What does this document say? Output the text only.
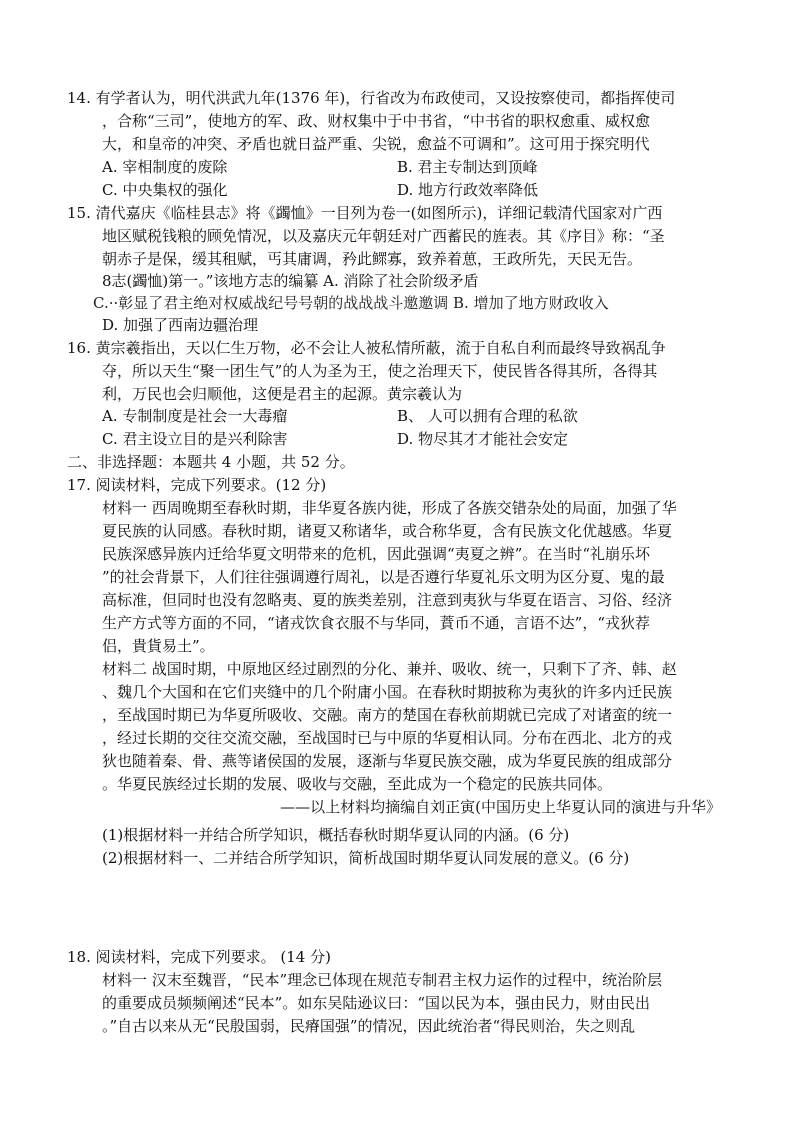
14. 有学者认为，明代洪武九年(1376 年)，行省改为布政使司，又设按察使司，都指挥使司
，合称“三司”，使地方的军、政、财权集中于中书省，“中书省的职权愈重、威权愈
大，和皇帝的冲突、矛盾也就日益严重、尖锐，愈益不可调和”。这可用于探究明代
A. 宰相制度的废除	B. 君主专制达到顶峰
C. 中央集权的强化	D. 地方行政效率降低
15. 清代嘉庆《临桂县志》将《蠲恤》一目列为卷一(如图所示)，详细记载清代国家对广西
地区赋税钱粮的顾免情况，以及嘉庆元年朝廷对广西蓄民的旌表。其《序目》称：“圣
朝赤子是保，缓其租赋，丐其庸调，矜此鳏寡，致养着葸，王政所先，天民无告。
8志(蠲恤)第一。”该地方志的编纂 A. 消除了社会阶级矛盾
C.··彰显了君主绝对权威战纪号号朝的战战战斗邀邀调 B. 增加了地方财政收入
D. 加强了西南边疆治理
16. 黄宗羲指出，天以仁生万物，必不会让人被私情所蔽，流于自私自利而最终导致祸乱争
夺，所以天生“聚一团生气”的人为圣为王，使之治理天下，使民皆各得其所，各得其
利，万民也会归顺他，这便是君主的起源。黄宗羲认为
A. 专制制度是社会一大毒瘤	B、 人可以拥有合理的私欲
C. 君主设立目的是兴利除害	D. 物尽其才才能社会安定
二、非选择题：本题共 4 小题，共 52 分。
17. 阅读材料，完成下列要求。(12 分)
材料一 西周晚期至春秋时期，非华夏各族内徙，形成了各族交错杂处的局面，加强了华
夏民族的认同感。春秋时期，诸夏又称诸华，或合称华夏，含有民族文化优越感。华夏
民族深感异族内迁给华夏文明带来的危机，因此强调“夷夏之辨”。在当时“礼崩乐坏
”的社会背景下，人们往往强调遵行周礼，以是否遵行华夏礼乐文明为区分夏、鬼的最
高标准，但同时也没有忽略夷、夏的族类差别，注意到夷狄与华夏在语言、习俗、经济
生产方式等方面的不同，“诸戎饮食衣服不与华同，蕡币不通，言语不达”，“戎狄荐
侣，貴貨易土”。
材料二 战国时期，中原地区经过剧烈的分化、兼并、吸收、统一，只剩下了齐、韩、赵
、魏几个大国和在它们夹缝中的几个附庸小国。在春秋时期披称为夷狄的许多内迁民族
，至战国时期已为华夏所吸收、交融。南方的楚国在春秋前期就已完成了对诸蛮的统一
，经过长期的交往交流交融，至战国时已与中原的华夏相认同。分布在西北、北方的戎
狄也随着秦、骨、燕等诸侯国的发展，逐渐与华夏民族交融，成为华夏民族的组成部分
。华夏民族经过长期的发展、吸收与交融，至此成为一个稳定的民族共同体。
——以上材料均摘编自刘正寅(中国历史上华夏认同的演进与升华》
(1)根据材料一并结合所学知识，概括春秋时期华夏认同的内涵。(6 分)
(2)根据材料一、二并结合所学知识，简析战国时期华夏认同发展的意义。(6 分)
18. 阅读材料，完成下列要求。 (14 分)
材料一 汉末至魏晋，“民本”理念已体现在规范专制君主权力运作的过程中，统治阶层
的重要成员频频阐述“民本”。如东吴陆逊议曰：“国以民为本，强由民力，财由民出
。”自古以来从无“民殷国弱，民瘠国强”的情况，因此统治者“得民则治，失之则乱
